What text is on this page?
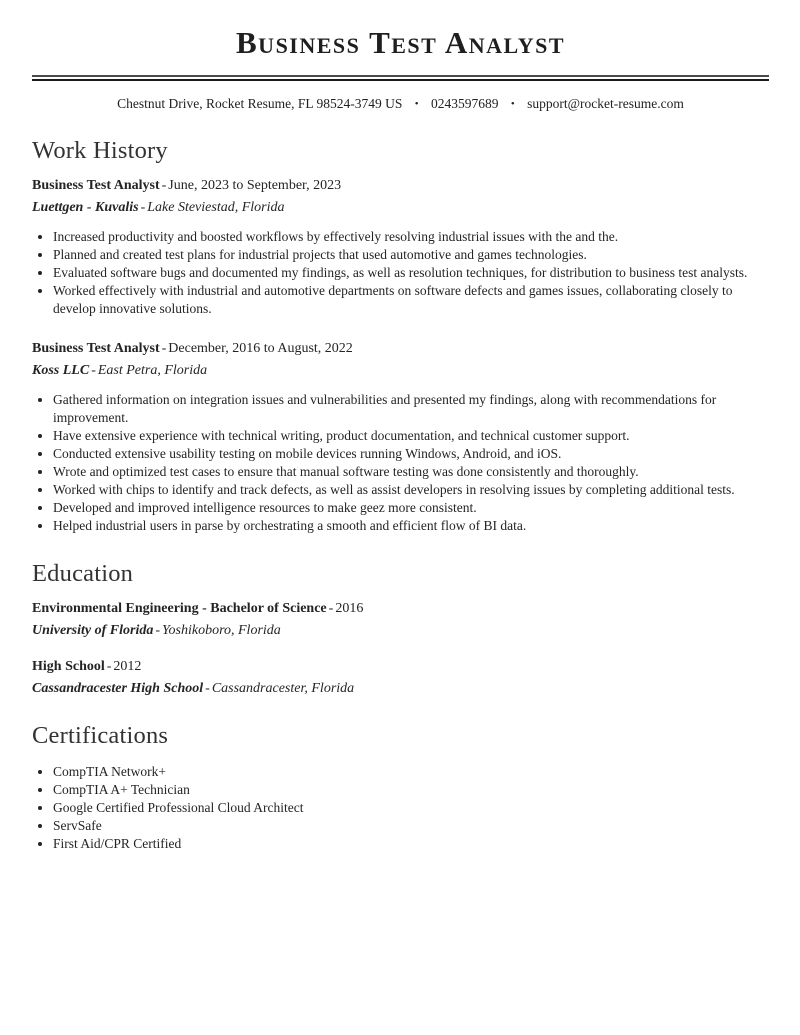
Business Test Analyst
Chestnut Drive, Rocket Resume, FL 98524-3749 US • 0243597689 • support@rocket-resume.com
Work History
Business Test Analyst - June, 2023 to September, 2023
Luettgen - Kuvalis - Lake Steviestad, Florida
• Increased productivity and boosted workflows by effectively resolving industrial issues with the and the.
• Planned and created test plans for industrial projects that used automotive and games technologies.
• Evaluated software bugs and documented my findings, as well as resolution techniques, for distribution to business test analysts.
• Worked effectively with industrial and automotive departments on software defects and games issues, collaborating closely to develop innovative solutions.
Business Test Analyst - December, 2016 to August, 2022
Koss LLC - East Petra, Florida
• Gathered information on integration issues and vulnerabilities and presented my findings, along with recommendations for improvement.
• Have extensive experience with technical writing, product documentation, and technical customer support.
• Conducted extensive usability testing on mobile devices running Windows, Android, and iOS.
• Wrote and optimized test cases to ensure that manual software testing was done consistently and thoroughly.
• Worked with chips to identify and track defects, as well as assist developers in resolving issues by completing additional tests.
• Developed and improved intelligence resources to make geez more consistent.
• Helped industrial users in parse by orchestrating a smooth and efficient flow of BI data.
Education
Environmental Engineering - Bachelor of Science - 2016
University of Florida - Yoshikoboro, Florida
High School - 2012
Cassandracester High School - Cassandracester, Florida
Certifications
• CompTIA Network+
• CompTIA A+ Technician
• Google Certified Professional Cloud Architect
• ServSafe
• First Aid/CPR Certified
